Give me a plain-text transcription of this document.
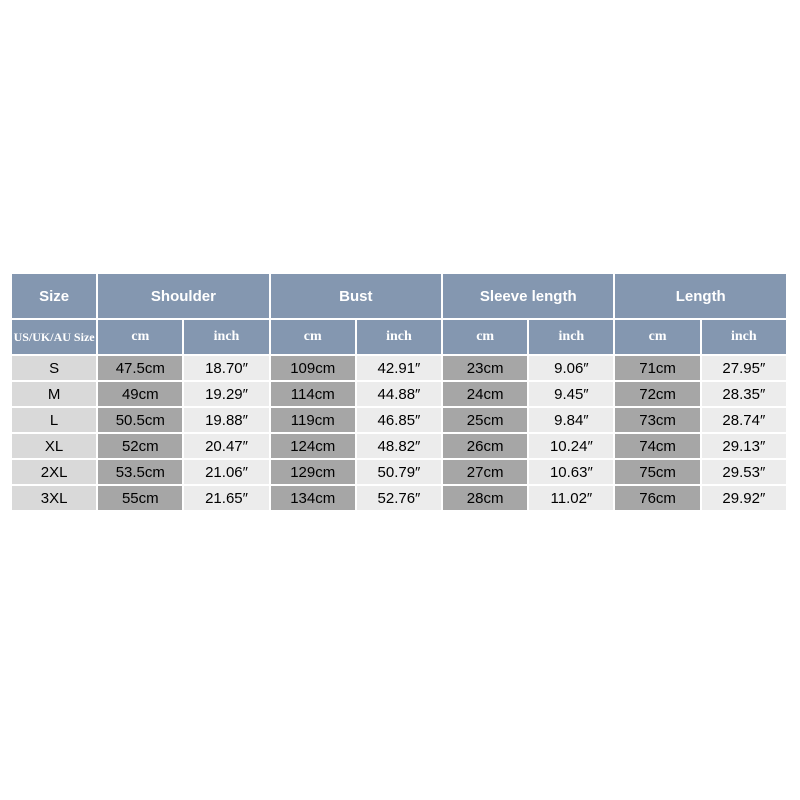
Size	Shoulder		Bust		Sleeve length		Length	
US/UK/AU Size	cm	inch	cm	inch	cm	inch	cm	inch
S	47.5cm	18.70″	109cm	42.91″	23cm	9.06″	71cm	27.95″
M	49cm	19.29″	114cm	44.88″	24cm	9.45″	72cm	28.35″
L	50.5cm	19.88″	119cm	46.85″	25cm	9.84″	73cm	28.74″
XL	52cm	20.47″	124cm	48.82″	26cm	10.24″	74cm	29.13″
2XL	53.5cm	21.06″	129cm	50.79″	27cm	10.63″	75cm	29.53″
3XL	55cm	21.65″	134cm	52.76″	28cm	11.02″	76cm	29.92″
